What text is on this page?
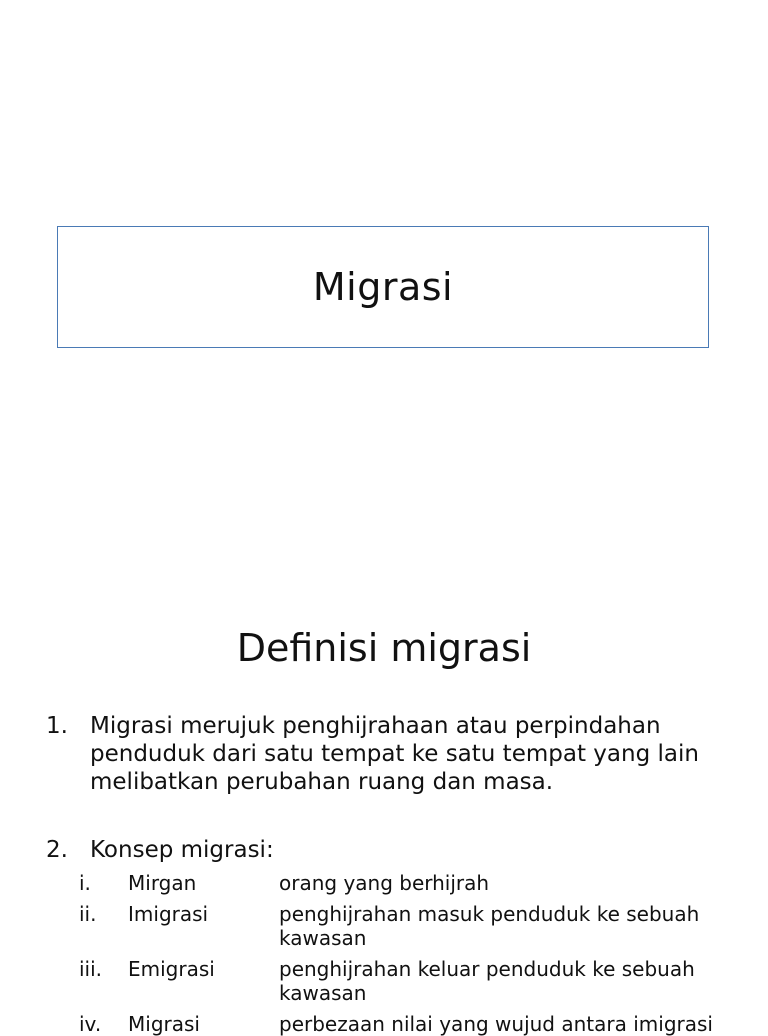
Migrasi
Definisi migrasi
1. Migrasi merujuk penghijrahaan atau perpindahan
penduduk dari satu tempat ke satu tempat yang lain
melibatkan perubahan ruang dan masa.
2. Konsep migrasi:
i. Mirgan	orang yang berhijrah
ii. Imigrasi	penghijrahan masuk penduduk ke sebuah
kawasan
iii. Emigrasi	penghijrahan keluar penduduk ke sebuah
kawasan
iv. Migrasi	perbezaan nilai yang wujud antara imigrasi
